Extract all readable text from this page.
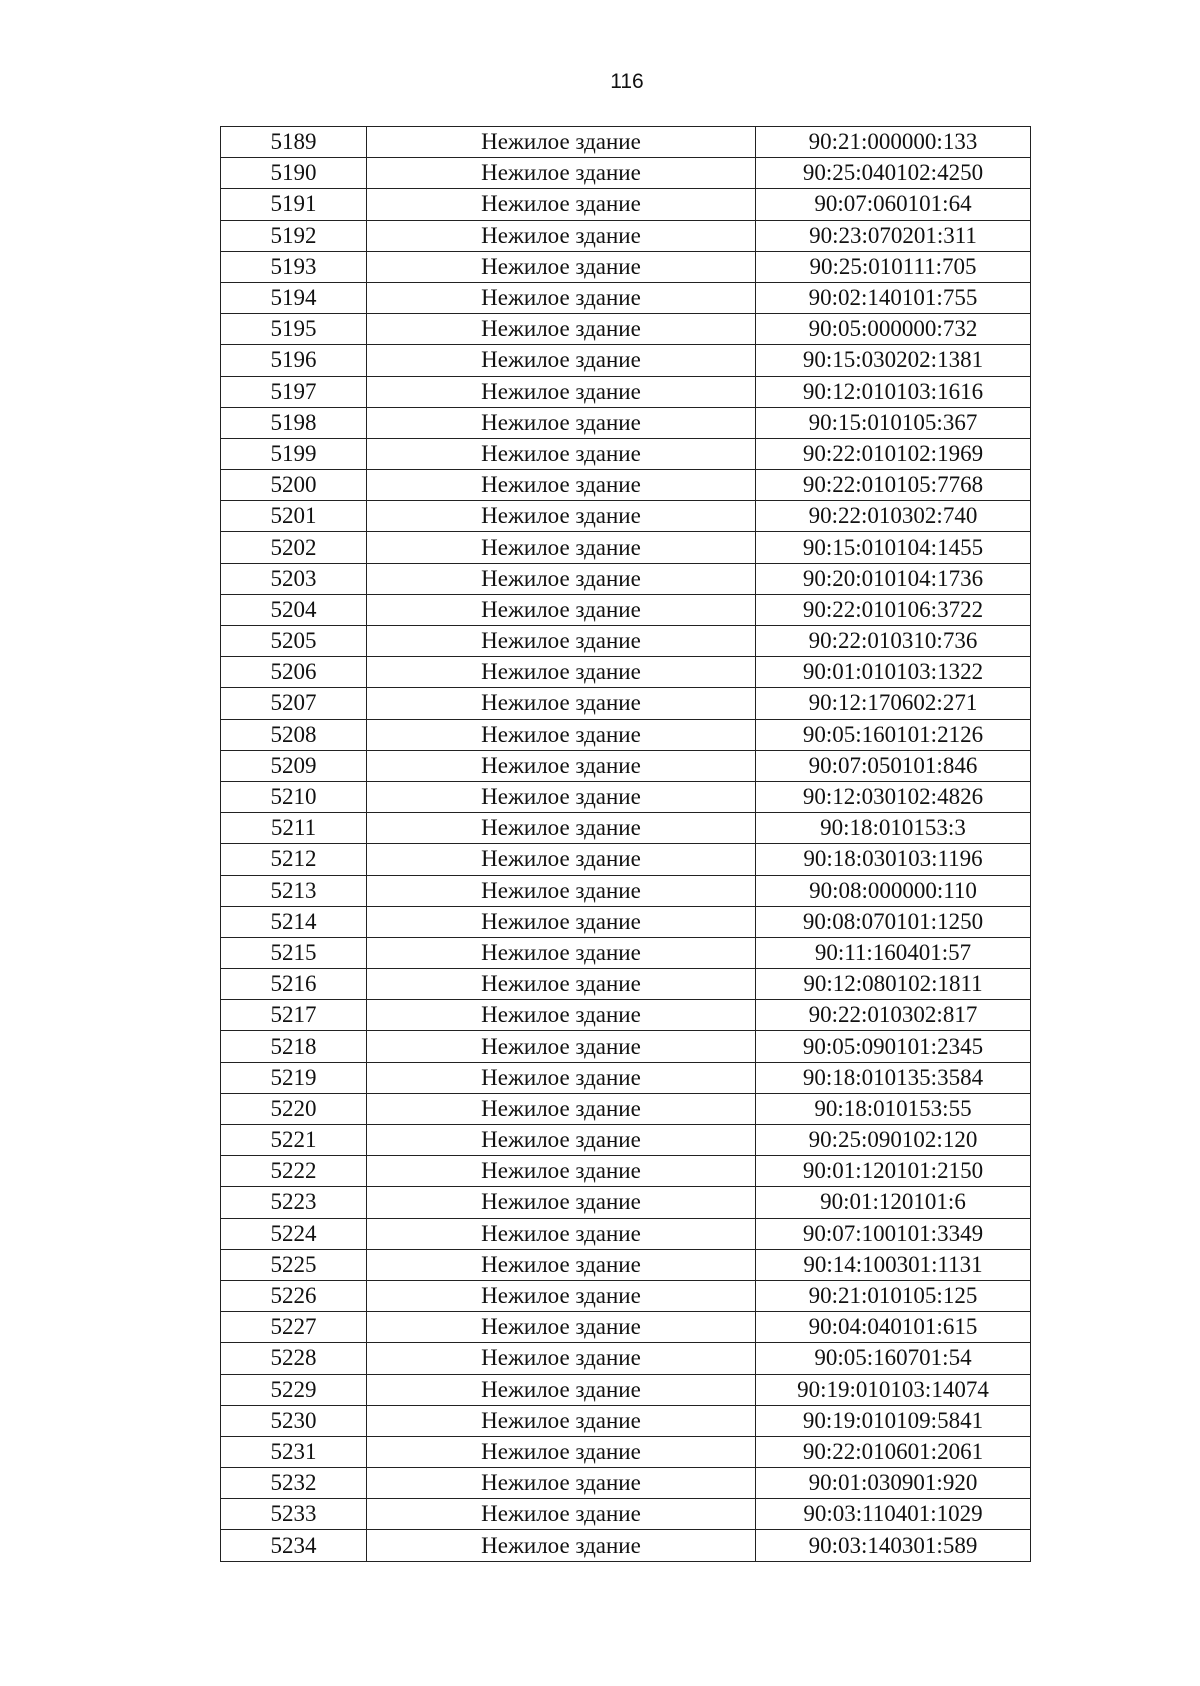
116
5189	Нежилое здание	90:21:000000:133
5190	Нежилое здание	90:25:040102:4250
5191	Нежилое здание	90:07:060101:64
5192	Нежилое здание	90:23:070201:311
5193	Нежилое здание	90:25:010111:705
5194	Нежилое здание	90:02:140101:755
5195	Нежилое здание	90:05:000000:732
5196	Нежилое здание	90:15:030202:1381
5197	Нежилое здание	90:12:010103:1616
5198	Нежилое здание	90:15:010105:367
5199	Нежилое здание	90:22:010102:1969
5200	Нежилое здание	90:22:010105:7768
5201	Нежилое здание	90:22:010302:740
5202	Нежилое здание	90:15:010104:1455
5203	Нежилое здание	90:20:010104:1736
5204	Нежилое здание	90:22:010106:3722
5205	Нежилое здание	90:22:010310:736
5206	Нежилое здание	90:01:010103:1322
5207	Нежилое здание	90:12:170602:271
5208	Нежилое здание	90:05:160101:2126
5209	Нежилое здание	90:07:050101:846
5210	Нежилое здание	90:12:030102:4826
5211	Нежилое здание	90:18:010153:3
5212	Нежилое здание	90:18:030103:1196
5213	Нежилое здание	90:08:000000:110
5214	Нежилое здание	90:08:070101:1250
5215	Нежилое здание	90:11:160401:57
5216	Нежилое здание	90:12:080102:1811
5217	Нежилое здание	90:22:010302:817
5218	Нежилое здание	90:05:090101:2345
5219	Нежилое здание	90:18:010135:3584
5220	Нежилое здание	90:18:010153:55
5221	Нежилое здание	90:25:090102:120
5222	Нежилое здание	90:01:120101:2150
5223	Нежилое здание	90:01:120101:6
5224	Нежилое здание	90:07:100101:3349
5225	Нежилое здание	90:14:100301:1131
5226	Нежилое здание	90:21:010105:125
5227	Нежилое здание	90:04:040101:615
5228	Нежилое здание	90:05:160701:54
5229	Нежилое здание	90:19:010103:14074
5230	Нежилое здание	90:19:010109:5841
5231	Нежилое здание	90:22:010601:2061
5232	Нежилое здание	90:01:030901:920
5233	Нежилое здание	90:03:110401:1029
5234	Нежилое здание	90:03:140301:589
